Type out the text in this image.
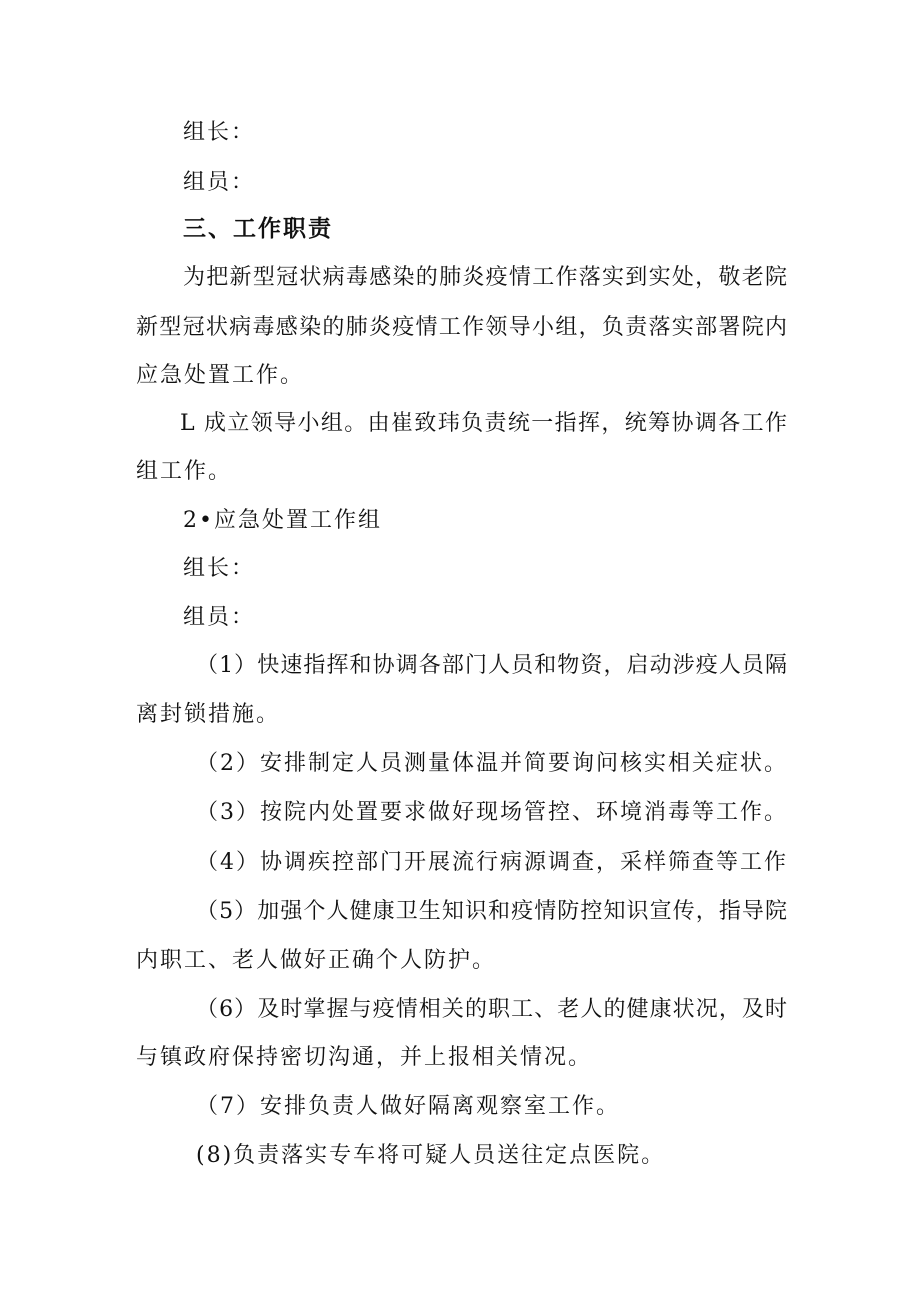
组长：
组员：
三、工作职责
为把新型冠状病毒感染的肺炎疫情工作落实到实处，敬老院
新型冠状病毒感染的肺炎疫情工作领导小组，负责落实部署院内
应急处置工作。
L 成立领导小组。由崔致玮负责统一指挥，统筹协调各工作
组工作。
2•应急处置工作组
组长：
组员：
（1）快速指挥和协调各部门人员和物资，启动涉疫人员隔
离封锁措施。
（2）安排制定人员测量体温并简要询问核实相关症状。
（3）按院内处置要求做好现场管控、环境消毒等工作。
（4）协调疾控部门开展流行病源调查，采样筛查等工作
（5）加强个人健康卫生知识和疫情防控知识宣传，指导院
内职工、老人做好正确个人防护。
（6）及时掌握与疫情相关的职工、老人的健康状况，及时
与镇政府保持密切沟通，并上报相关情况。
（7）安排负责人做好隔离观察室工作。
(8)负责落实专车将可疑人员送往定点医院。
